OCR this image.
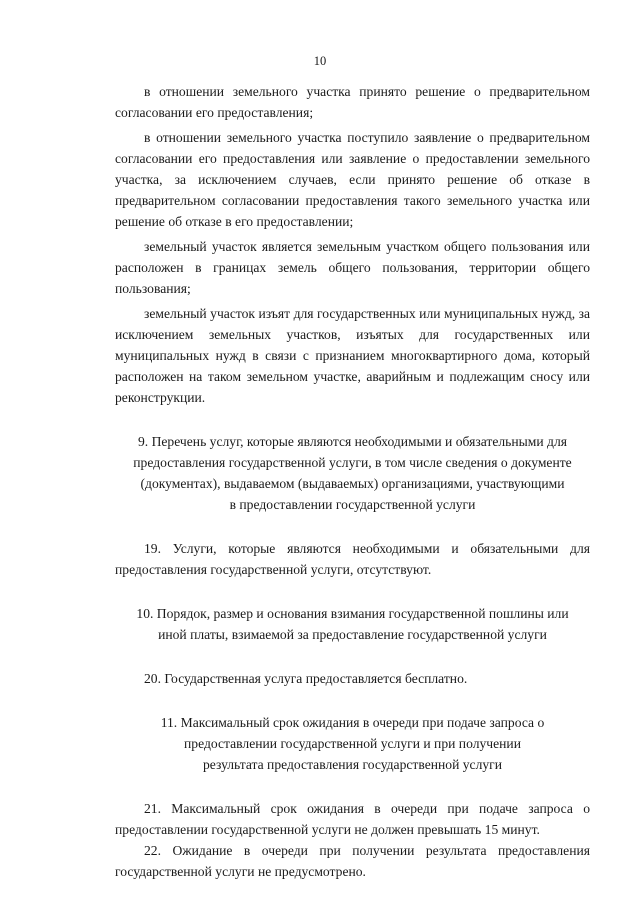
10

в отношении земельного участка принято решение о предварительном согласовании его предоставления;

в отношении земельного участка поступило заявление о предварительном согласовании его предоставления или заявление о предоставлении земельного участка, за исключением случаев, если принято решение об отказе в предварительном согласовании предоставления такого земельного участка или решение об отказе в его предоставлении;

земельный участок является земельным участком общего пользования или расположен в границах земель общего пользования, территории общего пользования;

земельный участок изъят для государственных или муниципальных нужд, за исключением земельных участков, изъятых для государственных или муниципальных нужд в связи с признанием многоквартирного дома, который расположен на таком земельном участке, аварийным и подлежащим сносу или реконструкции.

9. Перечень услуг, которые являются необходимыми и обязательными для

предоставления государственной услуги, в том числе сведения о документе

(документах), выдаваемом (выдаваемых) организациями, участвующими

в предоставлении государственной услуги

19. Услуги, которые являются необходимыми и обязательными для предоставления государственной услуги, отсутствуют.

10. Порядок, размер и основания взимания государственной пошлины или

иной платы, взимаемой за предоставление государственной услуги

20. Государственная услуга предоставляется бесплатно.

11. Максимальный срок ожидания в очереди при подаче запроса о

предоставлении государственной услуги и при получении

результата предоставления государственной услуги

21. Максимальный срок ожидания в очереди при подаче запроса о предоставлении государственной услуги не должен превышать 15 минут.

22. Ожидание в очереди при получении результата предоставления государственной услуги не предусмотрено.
